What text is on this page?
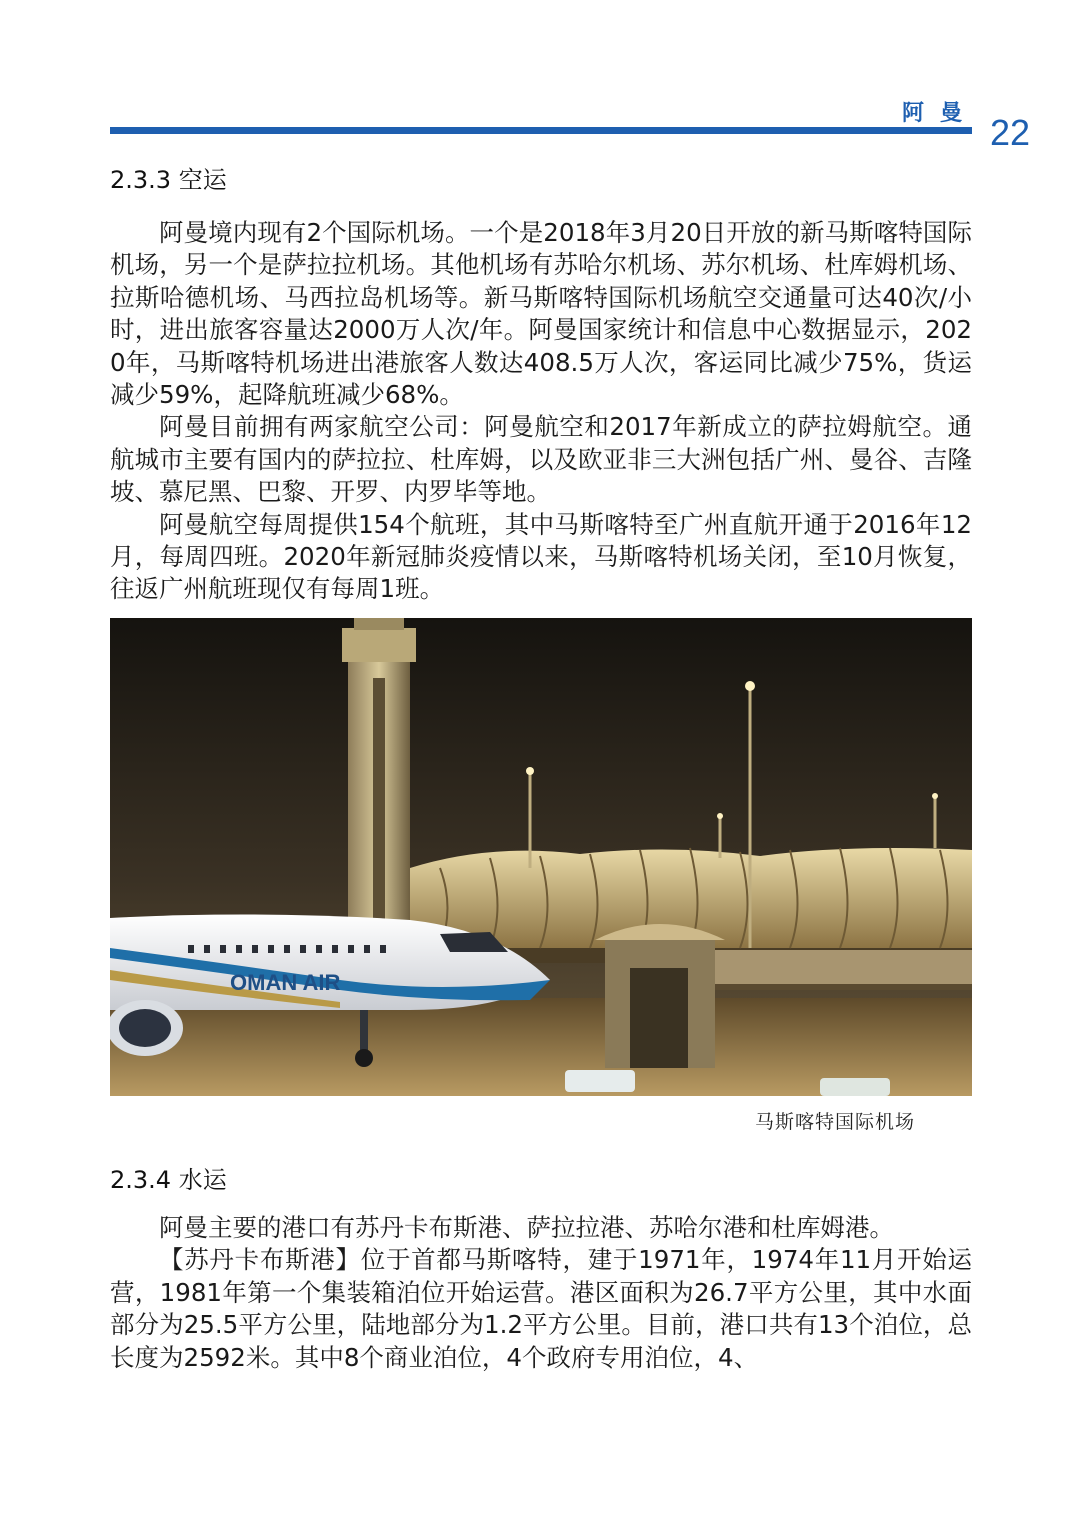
阿曼 22
2.3.3 空运

阿曼境内现有2个国际机场。一个是2018年3月20日开放的新马斯喀特国际机场，另一个是萨拉拉机场。其他机场有苏哈尔机场、苏尔机场、杜库姆机场、拉斯哈德机场、马西拉岛机场等。新马斯喀特国际机场航空交通量可达40次/小时，进出旅客容量达2000万人次/年。阿曼国家统计和信息中心数据显示，2020年，马斯喀特机场进出港旅客人数达408.5万人次，客运同比减少75%，货运减少59%，起降航班减少68%。

阿曼目前拥有两家航空公司：阿曼航空和2017年新成立的萨拉姆航空。通航城市主要有国内的萨拉拉、杜库姆，以及欧亚非三大洲包括广州、曼谷、吉隆坡、慕尼黑、巴黎、开罗、内罗毕等地。

阿曼航空每周提供154个航班，其中马斯喀特至广州直航开通于2016年12月，每周四班。2020年新冠肺炎疫情以来，马斯喀特机场关闭，至10月恢复，往返广州航班现仅有每周1班。

OMAN AIR
马斯喀特国际机场
2.3.4 水运

阿曼主要的港口有苏丹卡布斯港、萨拉拉港、苏哈尔港和杜库姆港。

【苏丹卡布斯港】位于首都马斯喀特，建于1971年，1974年11月开始运营，1981年第一个集装箱泊位开始运营。港区面积为26.7平方公里，其中水面部分为25.5平方公里，陆地部分为1.2平方公里。目前，港口共有13个泊位，总长度为2592米。其中8个商业泊位，4个政府专用泊位，4、
